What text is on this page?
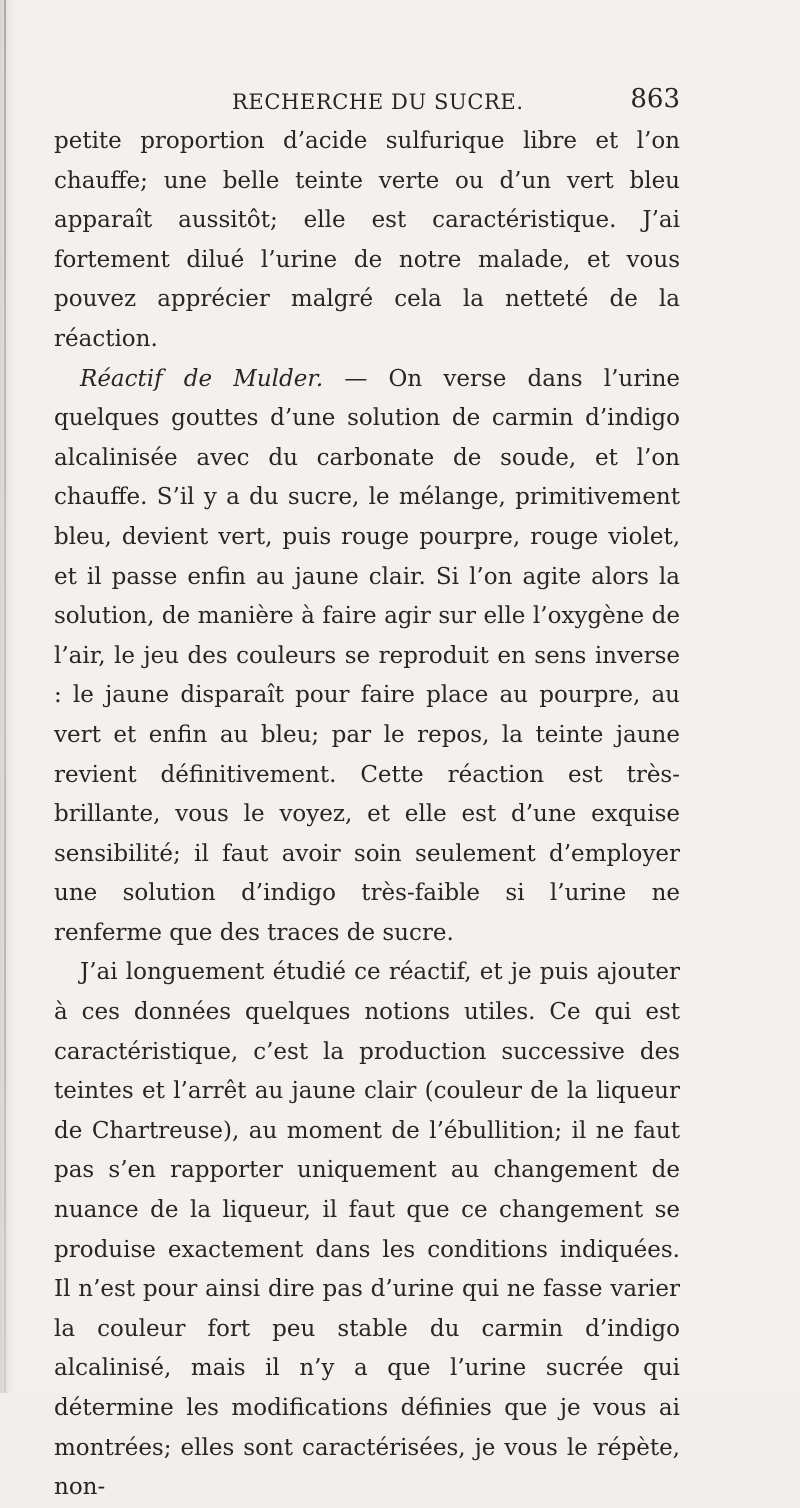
RECHERCHE DU SUCRE.	863

petite proportion d’acide sulfurique libre et l’on chauffe; une belle teinte verte ou d’un vert bleu apparaît aussitôt; elle est caractéristique. J’ai fortement dilué l’urine de notre malade, et vous pouvez apprécier malgré cela la netteté de la réaction.

Réactif de Mulder. — On verse dans l’urine quelques gouttes d’une solution de carmin d’indigo alcalinisée avec du carbonate de soude, et l’on chauffe. S’il y a du sucre, le mélange, primitivement bleu, devient vert, puis rouge pourpre, rouge violet, et il passe enfin au jaune clair. Si l’on agite alors la solution, de manière à faire agir sur elle l’oxygène de l’air, le jeu des couleurs se reproduit en sens inverse : le jaune disparaît pour faire place au pourpre, au vert et enfin au bleu; par le repos, la teinte jaune revient définitivement. Cette réaction est très-brillante, vous le voyez, et elle est d’une exquise sensibilité; il faut avoir soin seulement d’employer une solution d’indigo très-faible si l’urine ne renferme que des traces de sucre.

J’ai longuement étudié ce réactif, et je puis ajouter à ces données quelques notions utiles. Ce qui est caractéristique, c’est la production successive des teintes et l’arrêt au jaune clair (couleur de la liqueur de Chartreuse), au moment de l’ébullition; il ne faut pas s’en rapporter uniquement au changement de nuance de la liqueur, il faut que ce changement se produise exactement dans les conditions indiquées. Il n’est pour ainsi dire pas d’urine qui ne fasse varier la couleur fort peu stable du carmin d’indigo alcalinisé, mais il n’y a que l’urine sucrée qui détermine les modifications définies que je vous ai montrées; elles sont caractérisées, je vous le répète, non-
